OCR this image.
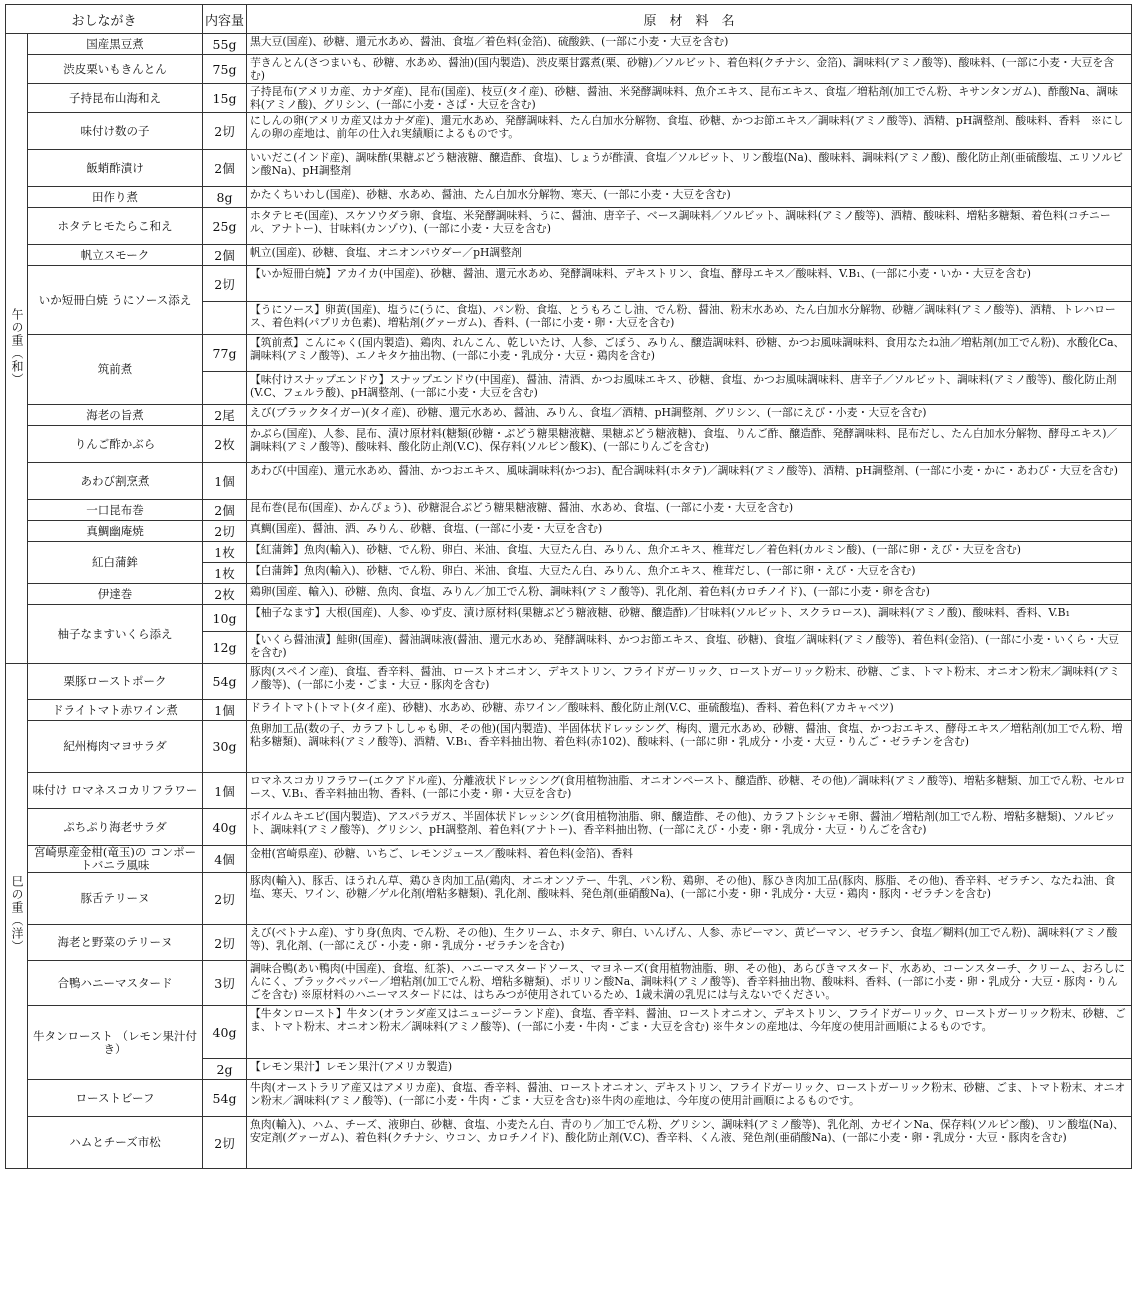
おしながき		内容量	原　材　料　名
午の重（和）	国産黒豆煮	55g	黒大豆(国産)、砂糖、還元水あめ、醤油、食塩／着色料(金箔)、硫酸鉄、(一部に小麦・大豆を含む)
	渋皮栗いもきんとん	75g	芋きんとん(さつまいも、砂糖、水あめ、醤油)(国内製造)、渋皮栗甘露煮(栗、砂糖)／ソルビット、着色料(クチナシ、金箔)、調味料(アミノ酸等)、酸味料、(一部に小麦・大豆を含む)
	子持昆布山海和え	15g	子持昆布(アメリカ産、カナダ産)、昆布(国産)、枝豆(タイ産)、砂糖、醤油、米発酵調味料、魚介エキス、昆布エキス、食塩／増粘剤(加工でん粉、キサンタンガム)、酢酸Na、調味料(アミノ酸)、グリシン、(一部に小麦・さば・大豆を含む)
	味付け数の子	2切	にしんの卵(アメリカ産又はカナダ産)、還元水あめ、発酵調味料、たん白加水分解物、食塩、砂糖、かつお節エキス／調味料(アミノ酸等)、酒精、pH調整剤、酸味料、香料　※にしんの卵の産地は、前年の仕入れ実績順によるものです。
	飯蛸酢漬け	2個	いいだこ(インド産)、調味酢(果糖ぶどう糖液糖、醸造酢、食塩)、しょうが酢漬、食塩／ソルビット、リン酸塩(Na)、酸味料、調味料(アミノ酸)、酸化防止剤(亜硫酸塩、エリソルビン酸Na)、pH調整剤
	田作り煮	8g	かたくちいわし(国産)、砂糖、水あめ、醤油、たん白加水分解物、寒天、(一部に小麦・大豆を含む)
	ホタテヒモたらこ和え	25g	ホタテヒモ(国産)、スケソウダラ卵、食塩、米発酵調味料、うに、醤油、唐辛子、ベース調味料／ソルビット、調味料(アミノ酸等)、酒精、酸味料、増粘多糖類、着色料(コチニール、アナトー)、甘味料(カンゾウ)、(一部に小麦・大豆を含む)
	帆立スモーク	2個	帆立(国産)、砂糖、食塩、オニオンパウダー／pH調整剤
	いか短冊白焼 うにソース添え	2切	【いか短冊白焼】アカイカ(中国産)、砂糖、醤油、還元水あめ、発酵調味料、デキストリン、食塩、酵母エキス／酸味料、V.B₁、(一部に小麦・いか・大豆を含む)
			【うにソース】卵黄(国産)、塩うに(うに、食塩)、パン粉、食塩、とうもろこし油、でん粉、醤油、粉末水あめ、たん白加水分解物、砂糖／調味料(アミノ酸等)、酒精、トレハロース、着色料(パプリカ色素)、増粘剤(グァーガム)、香料、(一部に小麦・卵・大豆を含む)
	筑前煮	77g	【筑前煮】こんにゃく(国内製造)、鶏肉、れんこん、乾しいたけ、人参、ごぼう、みりん、醸造調味料、砂糖、かつお風味調味料、食用なたね油／増粘剤(加工でん粉)、水酸化Ca、調味料(アミノ酸等)、エノキタケ抽出物、(一部に小麦・乳成分・大豆・鶏肉を含む)
			【味付けスナップエンドウ】スナップエンドウ(中国産)、醤油、清酒、かつお風味エキス、砂糖、食塩、かつお風味調味料、唐辛子／ソルビット、調味料(アミノ酸等)、酸化防止剤(V.C、フェルラ酸)、pH調整剤、(一部に小麦・大豆を含む)
	海老の旨煮	2尾	えび(ブラックタイガー)(タイ産)、砂糖、還元水あめ、醤油、みりん、食塩／酒精、pH調整剤、グリシン、(一部にえび・小麦・大豆を含む)
	りんご酢かぶら	2枚	かぶら(国産)、人参、昆布、漬け原材料(糖類(砂糖・ぶどう糖果糖液糖、果糖ぶどう糖液糖)、食塩、りんご酢、醸造酢、発酵調味料、昆布だし、たん白加水分解物、酵母エキス)／調味料(アミノ酸等)、酸味料、酸化防止剤(V.C)、保存料(ソルビン酸K)、(一部にりんごを含む)
	あわび割烹煮	1個	あわび(中国産)、還元水あめ、醤油、かつおエキス、風味調味料(かつお)、配合調味料(ホタテ)／調味料(アミノ酸等)、酒精、pH調整剤、(一部に小麦・かに・あわび・大豆を含む)
	一口昆布巻	2個	昆布巻(昆布(国産)、かんぴょう)、砂糖混合ぶどう糖果糖液糖、醤油、水あめ、食塩、(一部に小麦・大豆を含む)
	真鯛幽庵焼	2切	真鯛(国産)、醤油、酒、みりん、砂糖、食塩、(一部に小麦・大豆を含む)
	紅白蒲鉾	1枚	【紅蒲鉾】魚肉(輸入)、砂糖、でん粉、卵白、米油、食塩、大豆たん白、みりん、魚介エキス、椎茸だし／着色料(カルミン酸)、(一部に卵・えび・大豆を含む)
		1枚	【白蒲鉾】魚肉(輸入)、砂糖、でん粉、卵白、米油、食塩、大豆たん白、みりん、魚介エキス、椎茸だし、(一部に卵・えび・大豆を含む)
	伊達巻	2枚	鶏卵(国産、輸入)、砂糖、魚肉、食塩、みりん／加工でん粉、調味料(アミノ酸等)、乳化剤、着色料(カロチノイド)、(一部に小麦・卵を含む)
	柚子なますいくら添え	10g	【柚子なます】大根(国産)、人参、ゆず皮、漬け原材料(果糖ぶどう糖液糖、砂糖、醸造酢)／甘味料(ソルビット、スクラロース)、調味料(アミノ酸)、酸味料、香料、V.B₁
		12g	【いくら醤油漬】鮭卵(国産)、醤油調味液(醤油、還元水あめ、発酵調味料、かつお節エキス、食塩、砂糖)、食塩／調味料(アミノ酸等)、着色料(金箔)、(一部に小麦・いくら・大豆を含む)
巳の重（洋）	栗豚ローストポーク	54g	豚肉(スペイン産)、食塩、香辛料、醤油、ローストオニオン、デキストリン、フライドガーリック、ローストガーリック粉末、砂糖、ごま、トマト粉末、オニオン粉末／調味料(アミノ酸等)、(一部に小麦・ごま・大豆・豚肉を含む)
	ドライトマト赤ワイン煮	1個	ドライトマト(トマト(タイ産)、砂糖)、水あめ、砂糖、赤ワイン／酸味料、酸化防止剤(V.C、亜硫酸塩)、香料、着色料(アカキャベツ)
	紀州梅肉マヨサラダ	30g	魚卵加工品(数の子、カラフトししゃも卵、その他)(国内製造)、半固体状ドレッシング、梅肉、還元水あめ、砂糖、醤油、食塩、かつおエキス、酵母エキス／増粘剤(加工でん粉、増粘多糖類)、調味料(アミノ酸等)、酒精、V.B₁、香辛料抽出物、着色料(赤102)、酸味料、(一部に卵・乳成分・小麦・大豆・りんご・ゼラチンを含む)
	味付け ロマネスコカリフラワー	1個	ロマネスコカリフラワー(エクアドル産)、分離液状ドレッシング(食用植物油脂、オニオンペースト、醸造酢、砂糖、その他)／調味料(アミノ酸等)、増粘多糖類、加工でん粉、セルロース、V.B₁、香辛料抽出物、香料、(一部に小麦・卵・大豆を含む)
	ぷちぷり海老サラダ	40g	ボイルムキエビ(国内製造)、アスパラガス、半固体状ドレッシング(食用植物油脂、卵、醸造酢、その他)、カラフトシシャモ卵、醤油／増粘剤(加工でん粉、増粘多糖類)、ソルビット、調味料(アミノ酸等)、グリシン、pH調整剤、着色料(アナトー)、香辛料抽出物、(一部にえび・小麦・卵・乳成分・大豆・りんごを含む)
	宮崎県産金柑(竜玉)の コンポートバニラ風味	4個	金柑(宮崎県産)、砂糖、いちご、レモンジュース／酸味料、着色料(金箔)、香料
	豚舌テリーヌ	2切	豚肉(輸入)、豚舌、ほうれん草、鶏ひき肉加工品(鶏肉、オニオンソテー、牛乳、パン粉、鶏卵、その他)、豚ひき肉加工品(豚肉、豚脂、その他)、香辛料、ゼラチン、なたね油、食塩、寒天、ワイン、砂糖／ゲル化剤(増粘多糖類)、乳化剤、酸味料、発色剤(亜硝酸Na)、(一部に小麦・卵・乳成分・大豆・鶏肉・豚肉・ゼラチンを含む)
	海老と野菜のテリーヌ	2切	えび(ベトナム産)、すり身(魚肉、でん粉、その他)、生クリーム、ホタテ、卵白、いんげん、人参、赤ピーマン、黄ピーマン、ゼラチン、食塩／糊料(加工でん粉)、調味料(アミノ酸等)、乳化剤、(一部にえび・小麦・卵・乳成分・ゼラチンを含む)
	合鴨ハニーマスタード	3切	調味合鴨(あい鴨肉(中国産)、食塩、紅茶)、ハニーマスタードソース、マヨネーズ(食用植物油脂、卵、その他)、あらびきマスタード、水あめ、コーンスターチ、クリーム、おろしにんにく、ブラックペッパー／増粘剤(加工でん粉、増粘多糖類)、ポリリン酸Na、調味料(アミノ酸等)、香辛料抽出物、酸味料、香料、(一部に小麦・卵・乳成分・大豆・豚肉・りんごを含む) ※原材料のハニーマスタードには、はちみつが使用されているため、1歳未満の乳児には与えないでください。
	牛タンロースト （レモン果汁付き）	40g	【牛タンロースト】牛タン(オランダ産又はニュージーランド産)、食塩、香辛料、醤油、ローストオニオン、デキストリン、フライドガーリック、ローストガーリック粉末、砂糖、ごま、トマト粉末、オニオン粉末／調味料(アミノ酸等)、(一部に小麦・牛肉・ごま・大豆を含む) ※牛タンの産地は、今年度の使用計画順によるものです。
		2g	【レモン果汁】レモン果汁(アメリカ製造)
	ローストビーフ	54g	牛肉(オーストラリア産又はアメリカ産)、食塩、香辛料、醤油、ローストオニオン、デキストリン、フライドガーリック、ローストガーリック粉末、砂糖、ごま、トマト粉末、オニオン粉末／調味料(アミノ酸等)、(一部に小麦・牛肉・ごま・大豆を含む)※牛肉の産地は、今年度の使用計画順によるものです。
	ハムとチーズ市松	2切	魚肉(輸入)、ハム、チーズ、液卵白、砂糖、食塩、小麦たん白、青のり／加工でん粉、グリシン、調味料(アミノ酸等)、乳化剤、カゼインNa、保存料(ソルビン酸)、リン酸塩(Na)、安定剤(グァーガム)、着色料(クチナシ、ウコン、カロチノイド)、酸化防止剤(V.C)、香辛料、くん液、発色剤(亜硝酸Na)、(一部に小麦・卵・乳成分・大豆・豚肉を含む)
